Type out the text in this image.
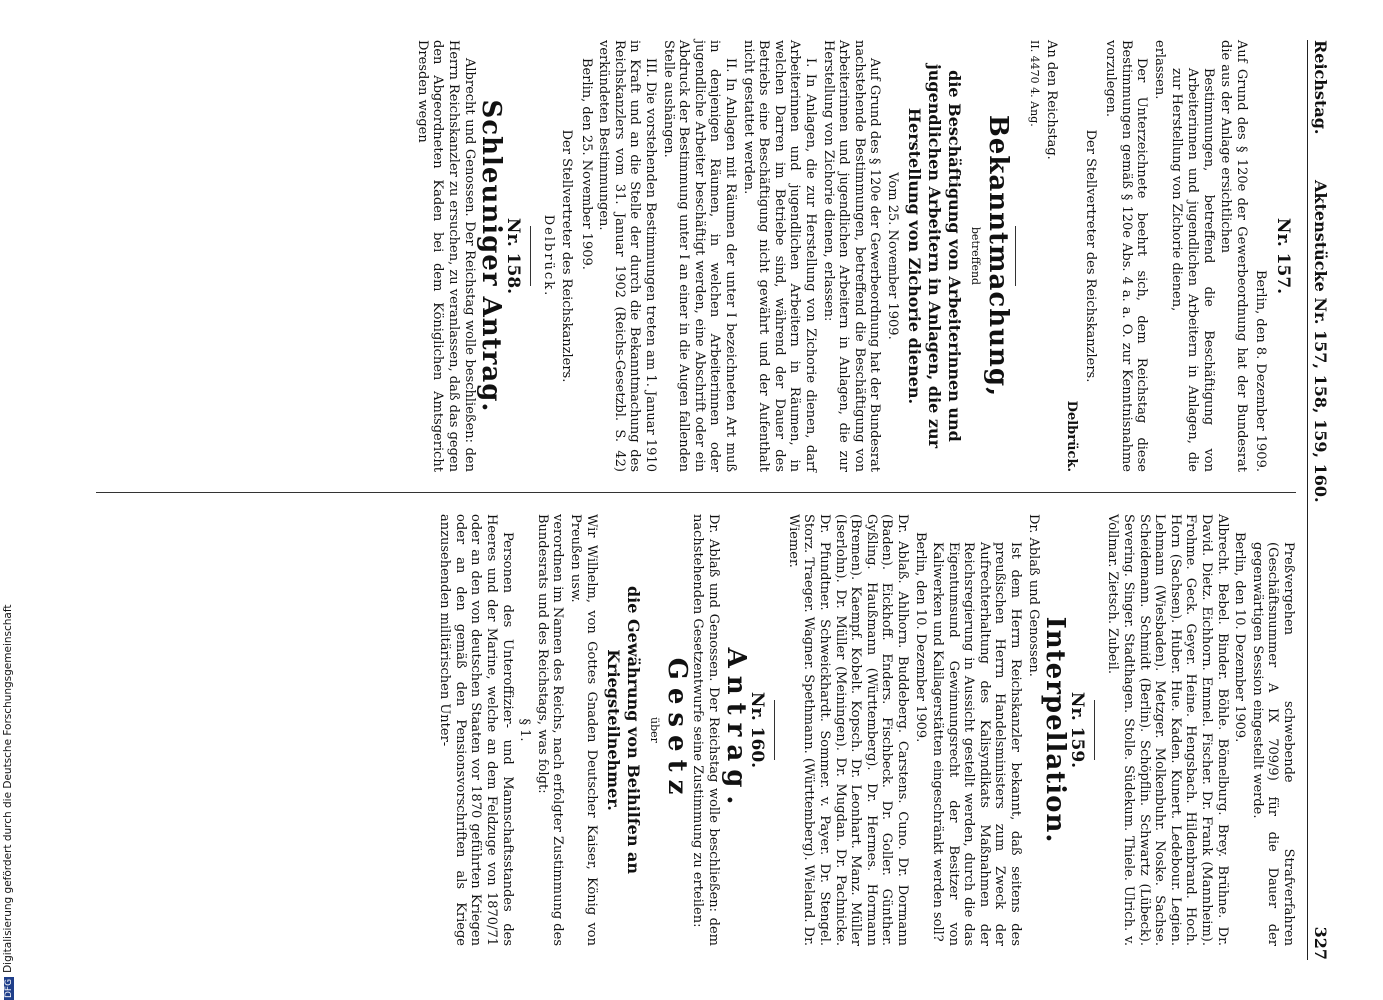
Reichstag.
Aktenstücke Nr. 157, 158, 159, 160.
327
Nr. 157.
Berlin, den 8. Dezember 1909.

Auf Grund des § 120e der Gewerbeordnung hat der Bundesrat die aus der Anlage ersichtlichen

Bestimmungen, betreffend die Beschäftigung von Arbeiterinnen und jugendlichen Arbeitern in Anlagen, die zur Herstellung von Zichorie dienen,

erlassen.

Der Unterzeichnete beehrt sich, dem Reichstag diese Bestimmungen gemäß § 120e Abs. 4 a. a. O. zur Kenntnisnahme vorzulegen.

Der Stellvertreter des Reichskanzlers.
Delbrück.

An den Reichstag.

II. 4470 4. Ang.

Bekanntmachung,
betreffend
die Beschäftigung von Arbeiterinnen und jugendlichen Arbeitern in Anlagen, die zur Herstellung von Zichorie dienen.
Vom 25. November 1909.

Auf Grund des § 120e der Gewerbeordnung hat der Bundesrat nachstehende Bestimmungen, betreffend die Beschäftigung von Arbeiterinnen und jugendlichen Arbeitern in Anlagen, die zur Herstellung von Zichorie dienen, erlassen:

I. In Anlagen, die zur Herstellung von Zichorie dienen, darf Arbeiterinnen und jugendlichen Arbeitern in Räumen, in welchen Darren im Betriebe sind, während der Dauer des Betriebs eine Beschäftigung nicht gewährt und der Aufenthalt nicht gestattet werden.

II. In Anlagen mit Räumen der unter I bezeichneten Art muß in denjenigen Räumen, in welchen Arbeiterinnen oder jugendliche Arbeiter beschäftigt werden, eine Abschrift oder ein Abdruck der Bestimmung unter I an einer in die Augen fallenden Stelle aushängen.

III. Die vorstehenden Bestimmungen treten am 1. Januar 1910 in Kraft und an die Stelle der durch die Bekanntmachung des Reichskanzlers vom 31. Januar 1902 (Reichs-Gesetzbl. S. 42) verkündeten Bestimmungen.

Berlin, den 25. November 1909.

Der Stellvertreter des Reichskanzlers.
Delbrück.
Nr. 158.
Schleuniger Antrag.

Albrecht und Genossen. Der Reichstag wolle beschließen: den Herrn Reichskanzler zu ersuchen, zu veranlassen, daß das gegen den Abgeordneten Kaden bei dem Königlichen Amtsgericht Dresden wegen

Preßvergehen schwebende Strafverfahren (Geschäftsnummer A IX 709/9) für die Dauer der gegenwärtigen Session eingestellt werde.

Berlin, den 10. Dezember 1909.

Albrecht. Bebel. Binder. Böhle. Bömelburg. Brey. Brühne. Dr. David. Dietz. Eichhorn. Emmel. Fischer. Dr. Frank (Mannheim). Frohme. Geck. Geyer. Heine. Hengsbach. Hildenbrand. Hoch. Horn (Sachsen). Huber. Hue. Kaden. Kunert. Ledebour. Legien. Lehmann (Wiesbaden). Metzger. Molkenbuhr. Noske. Sachse. Scheidemann. Schmidt (Berlin). Schöpflin. Schwartz (Lübeck). Severing. Singer. Stadthagen. Stolle. Südekum. Thiele. Ulrich. v. Vollmar. Zietsch. Zubeil.

Nr. 159.
Interpellation.

Dr. Ablaß und Genossen.

Ist dem Herrn Reichskanzler bekannt, daß seitens des preußischen Herrn Handelsministers zum Zweck der Aufrechterhaltung des Kalisyndikats Maßnahmen der Reichsregierung in Aussicht gestellt werden, durch die das Eigentumsund Gewinnungsrecht der Besitzer von Kaliwerken und Kalilagerstätten eingeschränkt werden soll?

Berlin, den 10. Dezember 1909.

Dr. Ablaß. Ahlhorn. Buddeberg. Carstens. Cuno. Dr. Dormann (Baden). Eickhoff. Enders. Fischbeck. Dr. Goller. Günther. Gyßling. Haußmann (Württemberg). Dr. Hermes. Hormann (Bremen). Kaempf. Kobelt. Kopsch. Dr. Leonhart. Manz. Müller (Iserlohn). Dr. Müller (Meiningen). Dr. Mugdan. Dr. Pachnicke. Dr. Pfundtner. Schweickhardt. Sommer. v. Payer. Dr. Stengel. Storz. Traeger. Wagner. Spethmann. (Württemberg). Wieland. Dr. Wiemer.

Nr. 160.
Antrag.

Dr. Ablaß und Genossen. Der Reichstag wolle beschließen: dem nachstehenden Gesetzentwurfe seine Zustimmung zu erteilen:

Gesetz
über
die Gewährung von Beihilfen an Kriegsteilnehmer.

Wir Wilhelm, von Gottes Gnaden Deutscher Kaiser, König von Preußen usw.

verordnen im Namen des Reichs, nach erfolgter Zustimmung des Bundesrats und des Reichstags, was folgt:

§ 1.

Personen des Unteroffizier- und Mannschaftsstandes des Heeres und der Marine, welche an dem Feldzuge von 1870/71 oder an den von deutschen Staaten vor 1870 geführten Kriegen oder an den gemäß den Pensionsvorschriften als Kriege anzusehenden militärischen Unter-

DFGDigitalisierung gefördert durch die Deutsche Forschungsgemeinschaft
